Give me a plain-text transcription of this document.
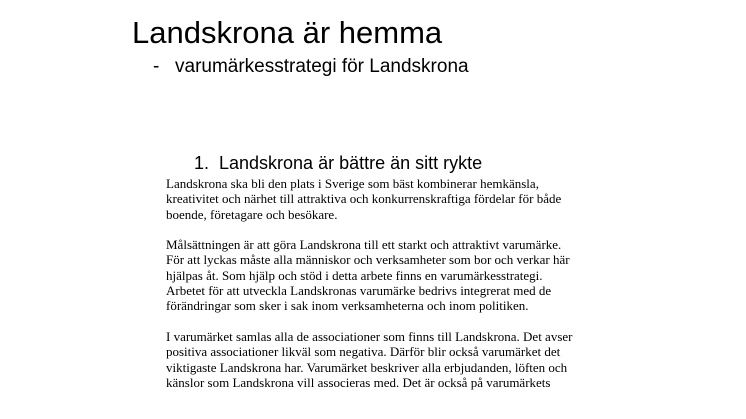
Landskrona är hemma
- varumärkesstrategi för Landskrona
1. Landskrona är bättre än sitt rykte

Landskrona ska bli den plats i Sverige som bäst kombinerar hemkänsla,
kreativitet och närhet till attraktiva och konkurrenskraftiga fördelar för både
boende, företagare och besökare.

Målsättningen är att göra Landskrona till ett starkt och attraktivt varumärke.
För att lyckas måste alla människor och verksamheter som bor och verkar här
hjälpas åt. Som hjälp och stöd i detta arbete finns en varumärkesstrategi.
Arbetet för att utveckla Landskronas varumärke bedrivs integrerat med de
förändringar som sker i sak inom verksamheterna och inom politiken.

I varumärket samlas alla de associationer som finns till Landskrona. Det avser
positiva associationer likväl som negativa. Därför blir också varumärket det
viktigaste Landskrona har. Varumärket beskriver alla erbjudanden, löften och
känslor som Landskrona vill associeras med. Det är också på varumärkets
